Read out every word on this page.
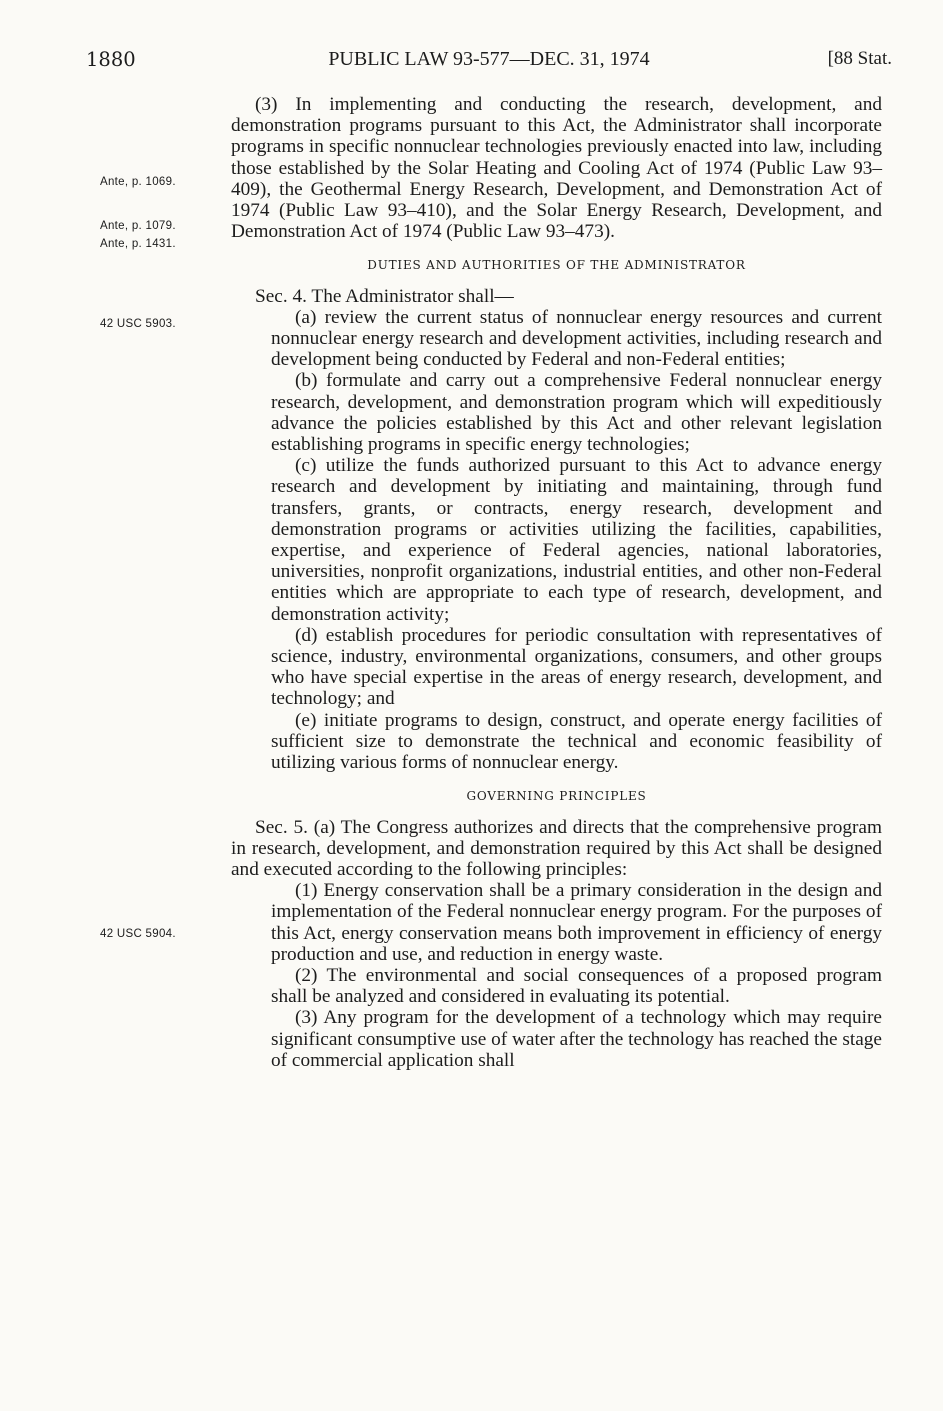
1880	PUBLIC LAW 93-577—DEC. 31, 1974	[88 Stat.
Ante, p. 1069.
Ante, p. 1079.
Ante, p. 1431.
42 USC 5903.
42 USC 5904.

(3) In implementing and conducting the research, development, and demonstration programs pursuant to this Act, the Administrator shall incorporate programs in specific nonnuclear technologies previously enacted into law, including those established by the Solar Heating and Cooling Act of 1974 (Public Law 93–409), the Geothermal Energy Research, Development, and Demonstration Act of 1974 (Public Law 93–410), and the Solar Energy Research, Development, and Demonstration Act of 1974 (Public Law 93–473).

DUTIES AND AUTHORITIES OF THE ADMINISTRATOR

Sec. 4. The Administrator shall—

(a) review the current status of nonnuclear energy resources and current nonnuclear energy research and development activities, including research and development being conducted by Federal and non-Federal entities;

(b) formulate and carry out a comprehensive Federal nonnuclear energy research, development, and demonstration program which will expeditiously advance the policies established by this Act and other relevant legislation establishing programs in specific energy technologies;

(c) utilize the funds authorized pursuant to this Act to advance energy research and development by initiating and maintaining, through fund transfers, grants, or contracts, energy research, development and demonstration programs or activities utilizing the facilities, capabilities, expertise, and experience of Federal agencies, national laboratories, universities, nonprofit organizations, industrial entities, and other non-Federal entities which are appropriate to each type of research, development, and demonstration activity;

(d) establish procedures for periodic consultation with representatives of science, industry, environmental organizations, consumers, and other groups who have special expertise in the areas of energy research, development, and technology; and

(e) initiate programs to design, construct, and operate energy facilities of sufficient size to demonstrate the technical and economic feasibility of utilizing various forms of nonnuclear energy.

GOVERNING PRINCIPLES

Sec. 5. (a) The Congress authorizes and directs that the comprehensive program in research, development, and demonstration required by this Act shall be designed and executed according to the following principles:

(1) Energy conservation shall be a primary consideration in the design and implementation of the Federal nonnuclear energy program. For the purposes of this Act, energy conservation means both improvement in efficiency of energy production and use, and reduction in energy waste.

(2) The environmental and social consequences of a proposed program shall be analyzed and considered in evaluating its potential.

(3) Any program for the development of a technology which may require significant consumptive use of water after the technology has reached the stage of commercial application shall
